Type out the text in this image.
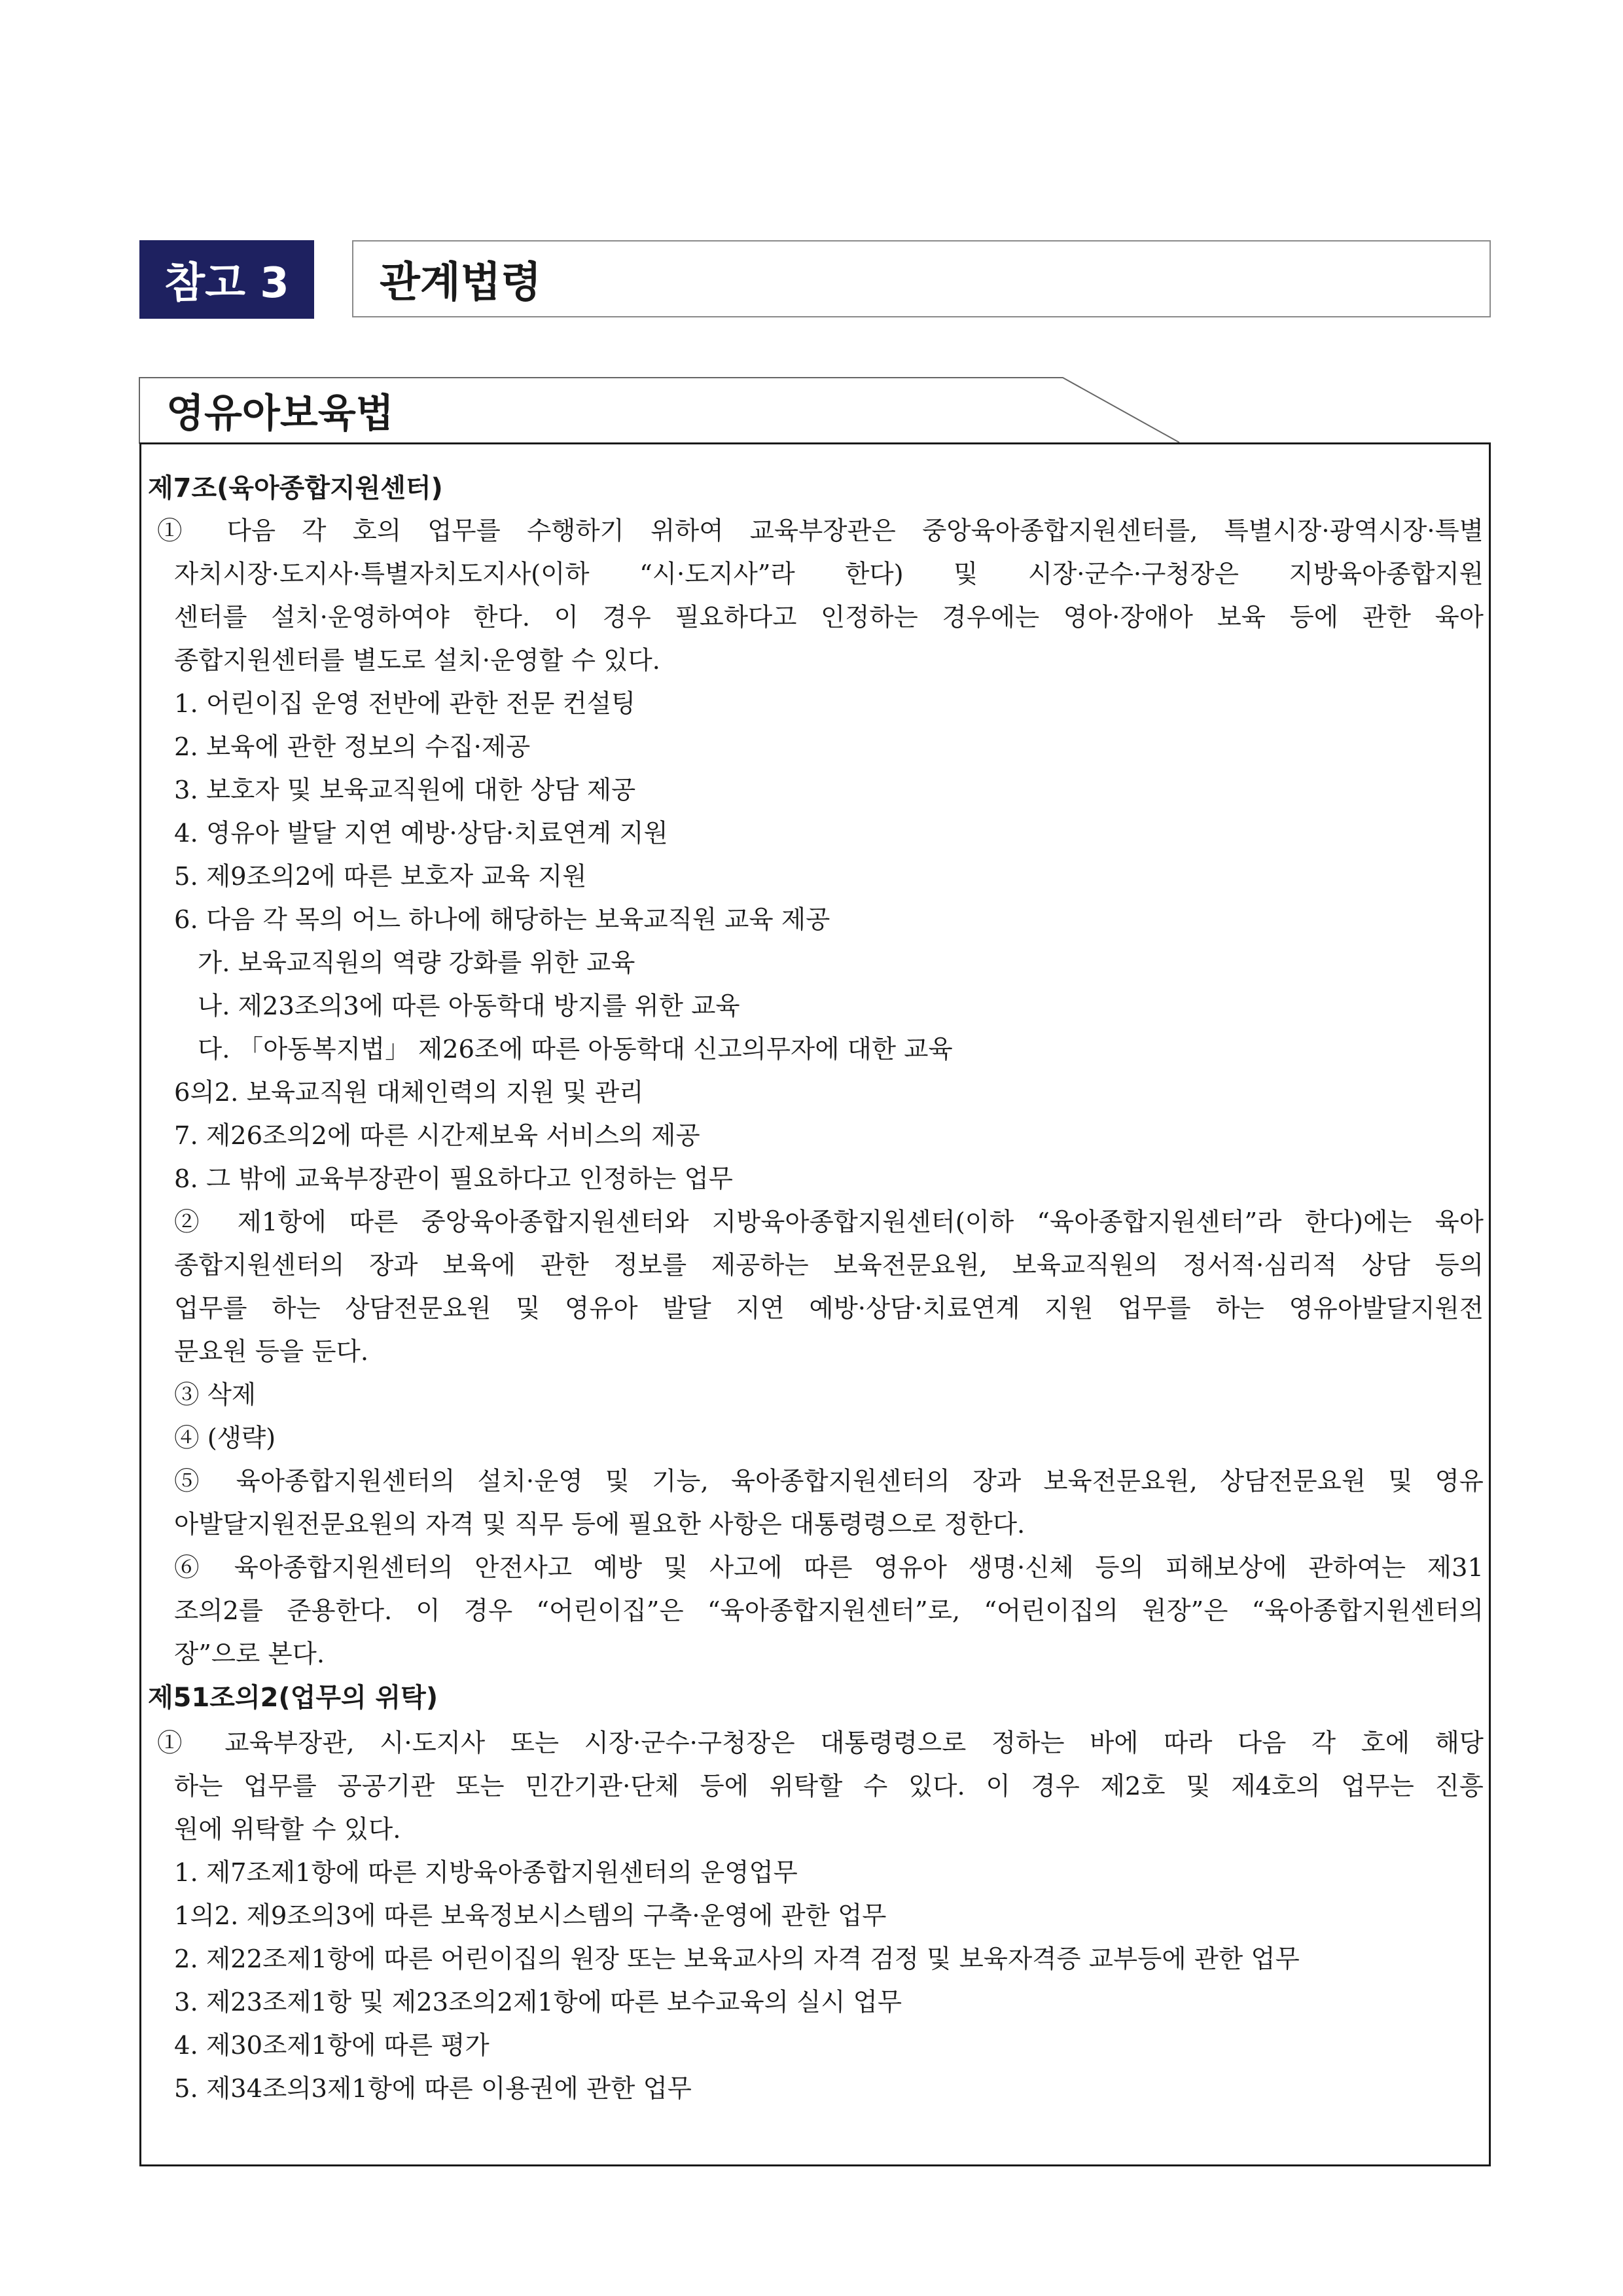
참고 3	관계법령
영유아보육법
제7조(육아종합지원센터)
① 다음 각 호의 업무를 수행하기 위하여 교육부장관은 중앙육아종합지원센터를, 특별시장·광역시장·특별
자치시장·도지사·특별자치도지사(이하 “시·도지사”라 한다) 및 시장·군수·구청장은 지방육아종합지원
센터를 설치·운영하여야 한다. 이 경우 필요하다고 인정하는 경우에는 영아·장애아 보육 등에 관한 육아
종합지원센터를 별도로 설치·운영할 수 있다.
1. 어린이집 운영 전반에 관한 전문 컨설팅
2. 보육에 관한 정보의 수집·제공
3. 보호자 및 보육교직원에 대한 상담 제공
4. 영유아 발달 지연 예방·상담·치료연계 지원
5. 제9조의2에 따른 보호자 교육 지원
6. 다음 각 목의 어느 하나에 해당하는 보육교직원 교육 제공
가. 보육교직원의 역량 강화를 위한 교육
나. 제23조의3에 따른 아동학대 방지를 위한 교육
다. 「아동복지법」 제26조에 따른 아동학대 신고의무자에 대한 교육
6의2. 보육교직원 대체인력의 지원 및 관리
7. 제26조의2에 따른 시간제보육 서비스의 제공
8. 그 밖에 교육부장관이 필요하다고 인정하는 업무
② 제1항에 따른 중앙육아종합지원센터와 지방육아종합지원센터(이하 “육아종합지원센터”라 한다)에는 육아
종합지원센터의 장과 보육에 관한 정보를 제공하는 보육전문요원, 보육교직원의 정서적·심리적 상담 등의
업무를 하는 상담전문요원 및 영유아 발달 지연 예방·상담·치료연계 지원 업무를 하는 영유아발달지원전
문요원 등을 둔다.
③ 삭제
④ (생략)
⑤ 육아종합지원센터의 설치·운영 및 기능, 육아종합지원센터의 장과 보육전문요원, 상담전문요원 및 영유
아발달지원전문요원의 자격 및 직무 등에 필요한 사항은 대통령령으로 정한다.
⑥ 육아종합지원센터의 안전사고 예방 및 사고에 따른 영유아 생명·신체 등의 피해보상에 관하여는 제31
조의2를 준용한다. 이 경우 “어린이집”은 “육아종합지원센터”로, “어린이집의 원장”은 “육아종합지원센터의
장”으로 본다.
제51조의2(업무의 위탁)
① 교육부장관, 시·도지사 또는 시장·군수·구청장은 대통령령으로 정하는 바에 따라 다음 각 호에 해당
하는 업무를 공공기관 또는 민간기관·단체 등에 위탁할 수 있다. 이 경우 제2호 및 제4호의 업무는 진흥
원에 위탁할 수 있다.
1. 제7조제1항에 따른 지방육아종합지원센터의 운영업무
1의2. 제9조의3에 따른 보육정보시스템의 구축·운영에 관한 업무
2. 제22조제1항에 따른 어린이집의 원장 또는 보육교사의 자격 검정 및 보육자격증 교부등에 관한 업무
3. 제23조제1항 및 제23조의2제1항에 따른 보수교육의 실시 업무
4. 제30조제1항에 따른 평가
5. 제34조의3제1항에 따른 이용권에 관한 업무
